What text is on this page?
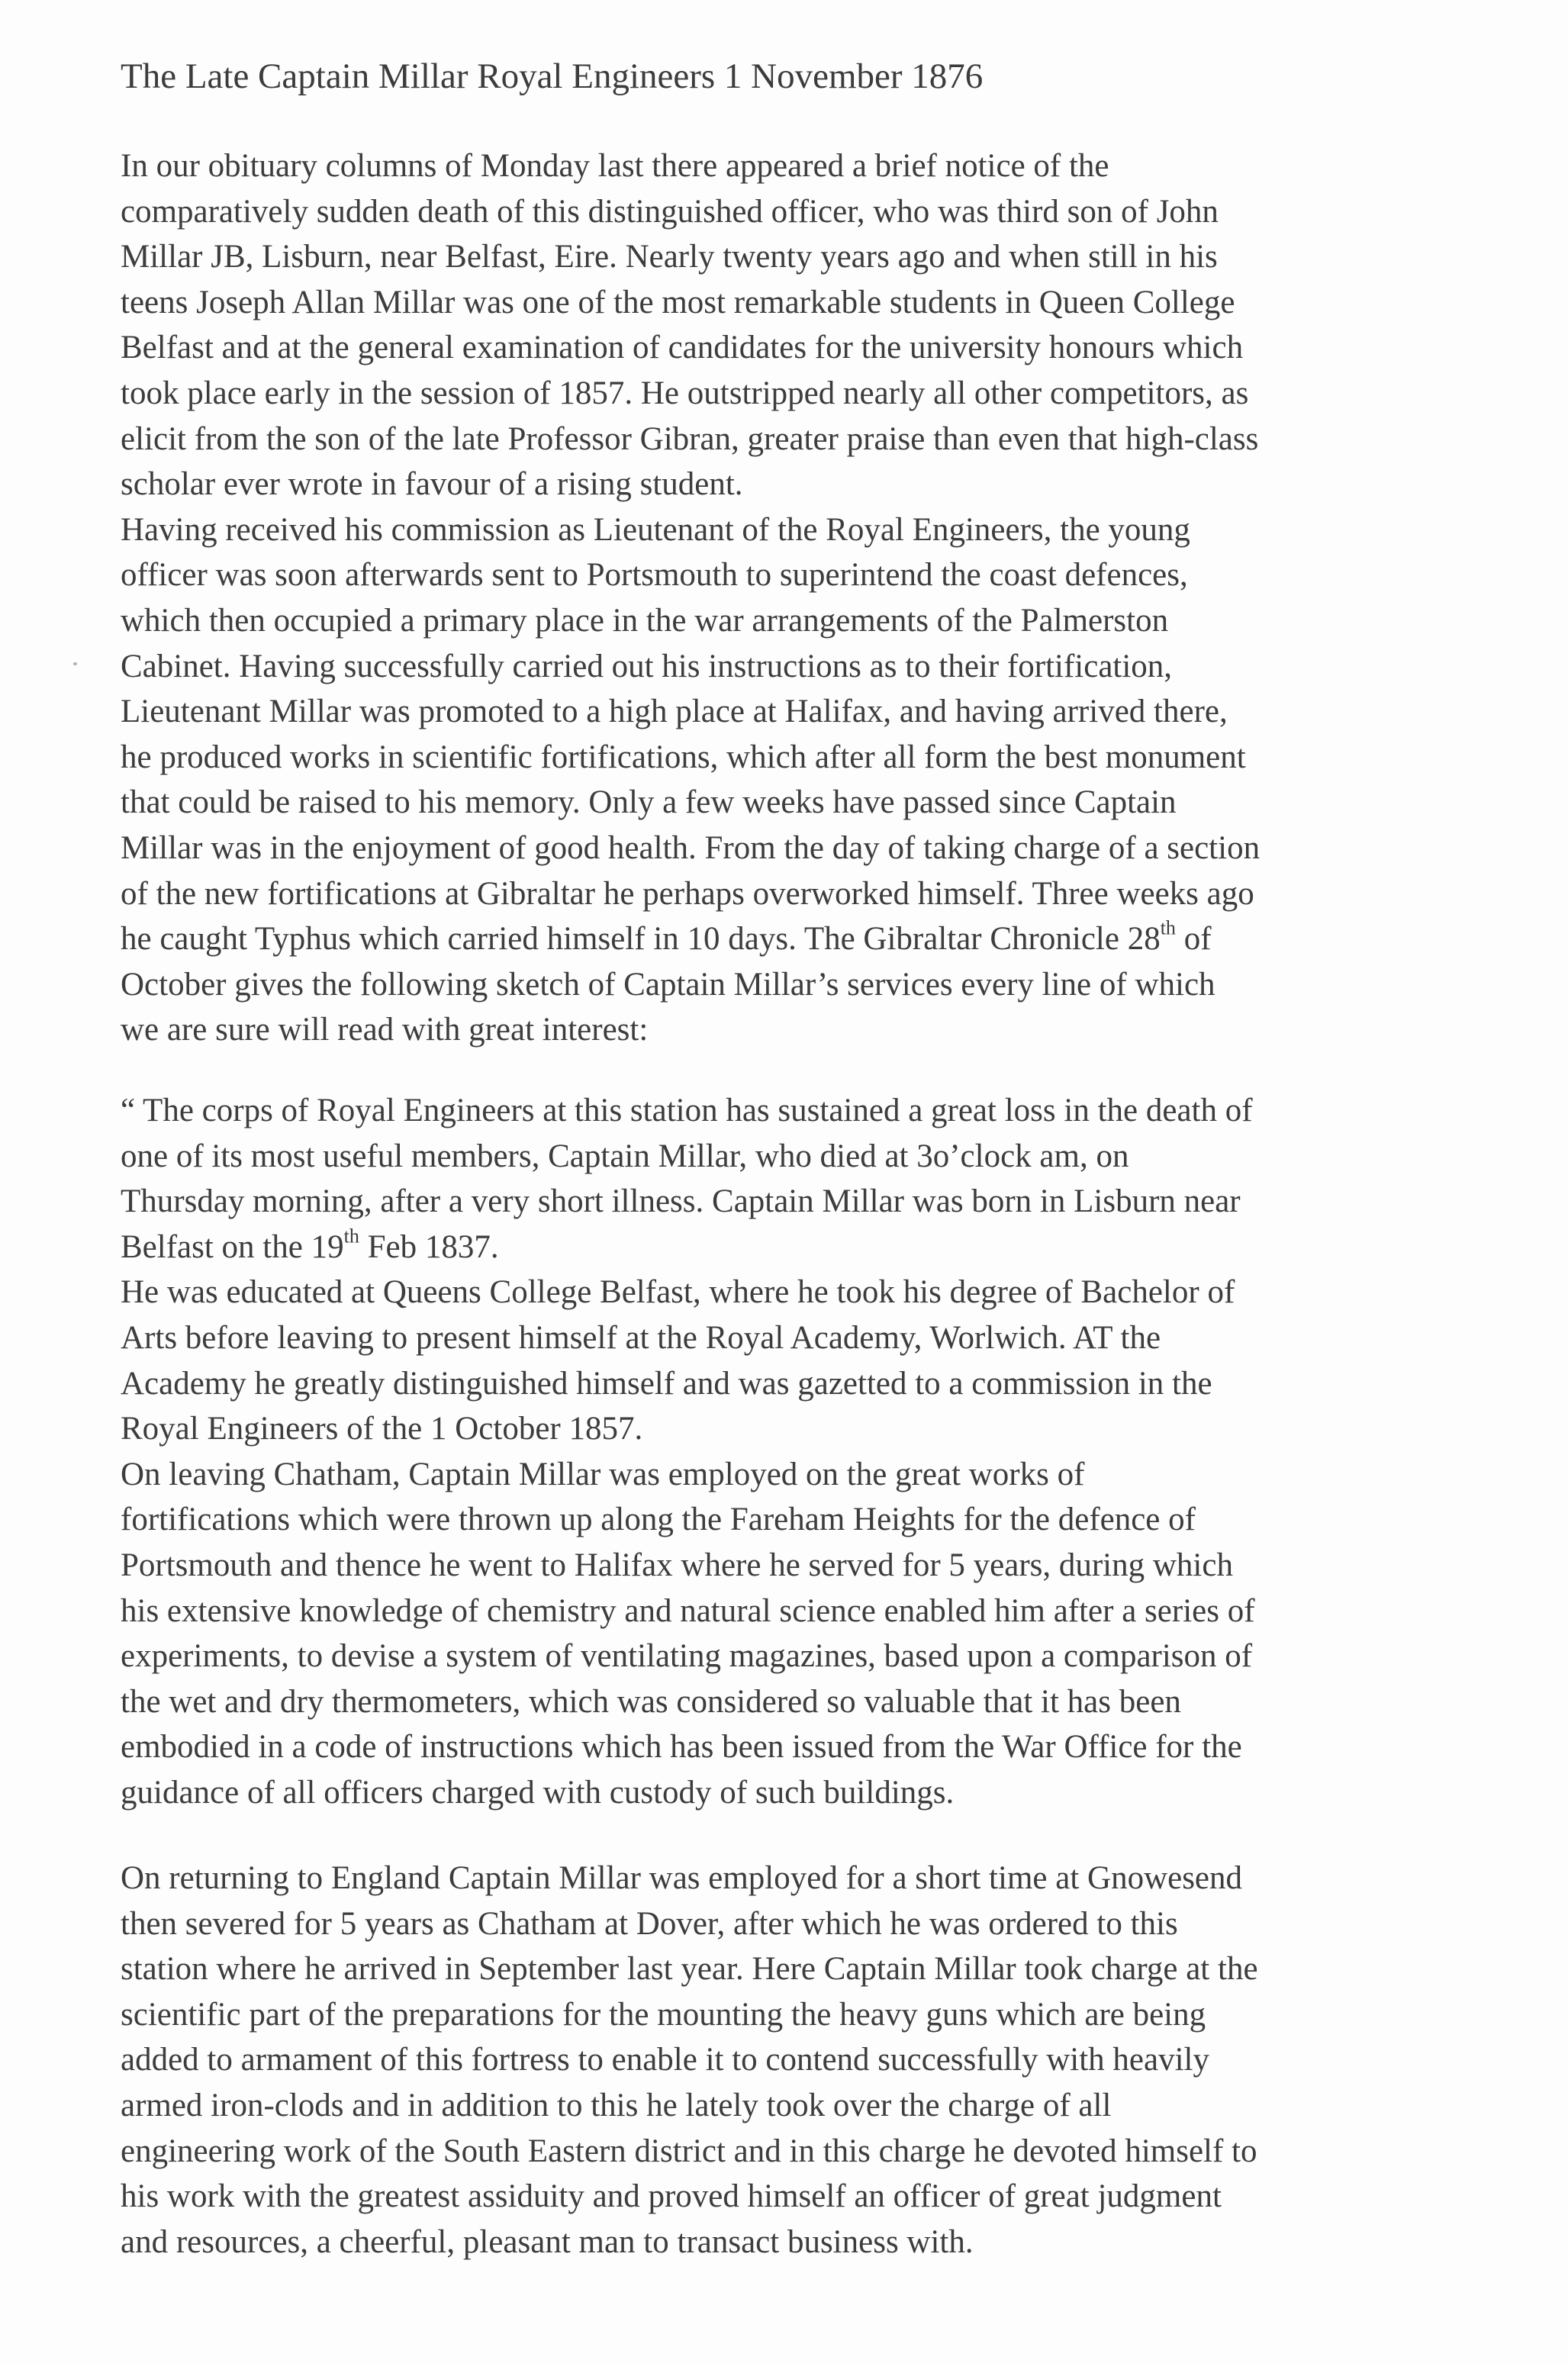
The Late Captain Millar Royal Engineers 1 November 1876
In our obituary columns of Monday last there appeared a brief notice of the
comparatively sudden death of this distinguished officer, who was third son of John
Millar JB, Lisburn, near Belfast, Eire. Nearly twenty years ago and when still in his
teens Joseph Allan Millar was one of the most remarkable students in Queen College
Belfast and at the general examination of candidates for the university honours which
took place early in the session of 1857. He outstripped nearly all other competitors, as
elicit from the son of the late Professor Gibran, greater praise than even that high-class
scholar ever wrote in favour of a rising student.
Having received his commission as Lieutenant of the Royal Engineers, the young
officer was soon afterwards sent to Portsmouth to superintend the coast defences,
which then occupied a primary place in the war arrangements of the Palmerston
Cabinet. Having successfully carried out his instructions as to their fortification,
Lieutenant Millar was promoted to a high place at Halifax, and having arrived there,
he produced works in scientific fortifications, which after all form the best monument
that could be raised to his memory. Only a few weeks have passed since Captain
Millar was in the enjoyment of good health. From the day of taking charge of a section
of the new fortifications at Gibraltar he perhaps overworked himself. Three weeks ago
he caught Typhus which carried himself in 10 days. The Gibraltar Chronicle 28th of
October gives the following sketch of Captain Millar’s services every line of which
we are sure will read with great interest:
“ The corps of Royal Engineers at this station has sustained a great loss in the death of
one of its most useful members, Captain Millar, who died at 3o’clock am, on
Thursday morning, after a very short illness. Captain Millar was born in Lisburn near
Belfast on the 19th Feb 1837.
He was educated at Queens College Belfast, where he took his degree of Bachelor of
Arts before leaving to present himself at the Royal Academy, Worlwich. AT the
Academy he greatly distinguished himself and was gazetted to a commission in the
Royal Engineers of the 1 October 1857.
On leaving Chatham, Captain Millar was employed on the great works of
fortifications which were thrown up along the Fareham Heights for the defence of
Portsmouth and thence he went to Halifax where he served for 5 years, during which
his extensive knowledge of chemistry and natural science enabled him after a series of
experiments, to devise a system of ventilating magazines, based upon a comparison of
the wet and dry thermometers, which was considered so valuable that it has been
embodied in a code of instructions which has been issued from the War Office for the
guidance of all officers charged with custody of such buildings.
On returning to England Captain Millar was employed for a short time at Gnowesend
then severed for 5 years as Chatham at Dover, after which he was ordered to this
station where he arrived in September last year. Here Captain Millar took charge at the
scientific part of the preparations for the mounting the heavy guns which are being
added to armament of this fortress to enable it to contend successfully with heavily
armed iron-clods and in addition to this he lately took over the charge of all
engineering work of the South Eastern district and in this charge he devoted himself to
his work with the greatest assiduity and proved himself an officer of great judgment
and resources, a cheerful, pleasant man to transact business with.
